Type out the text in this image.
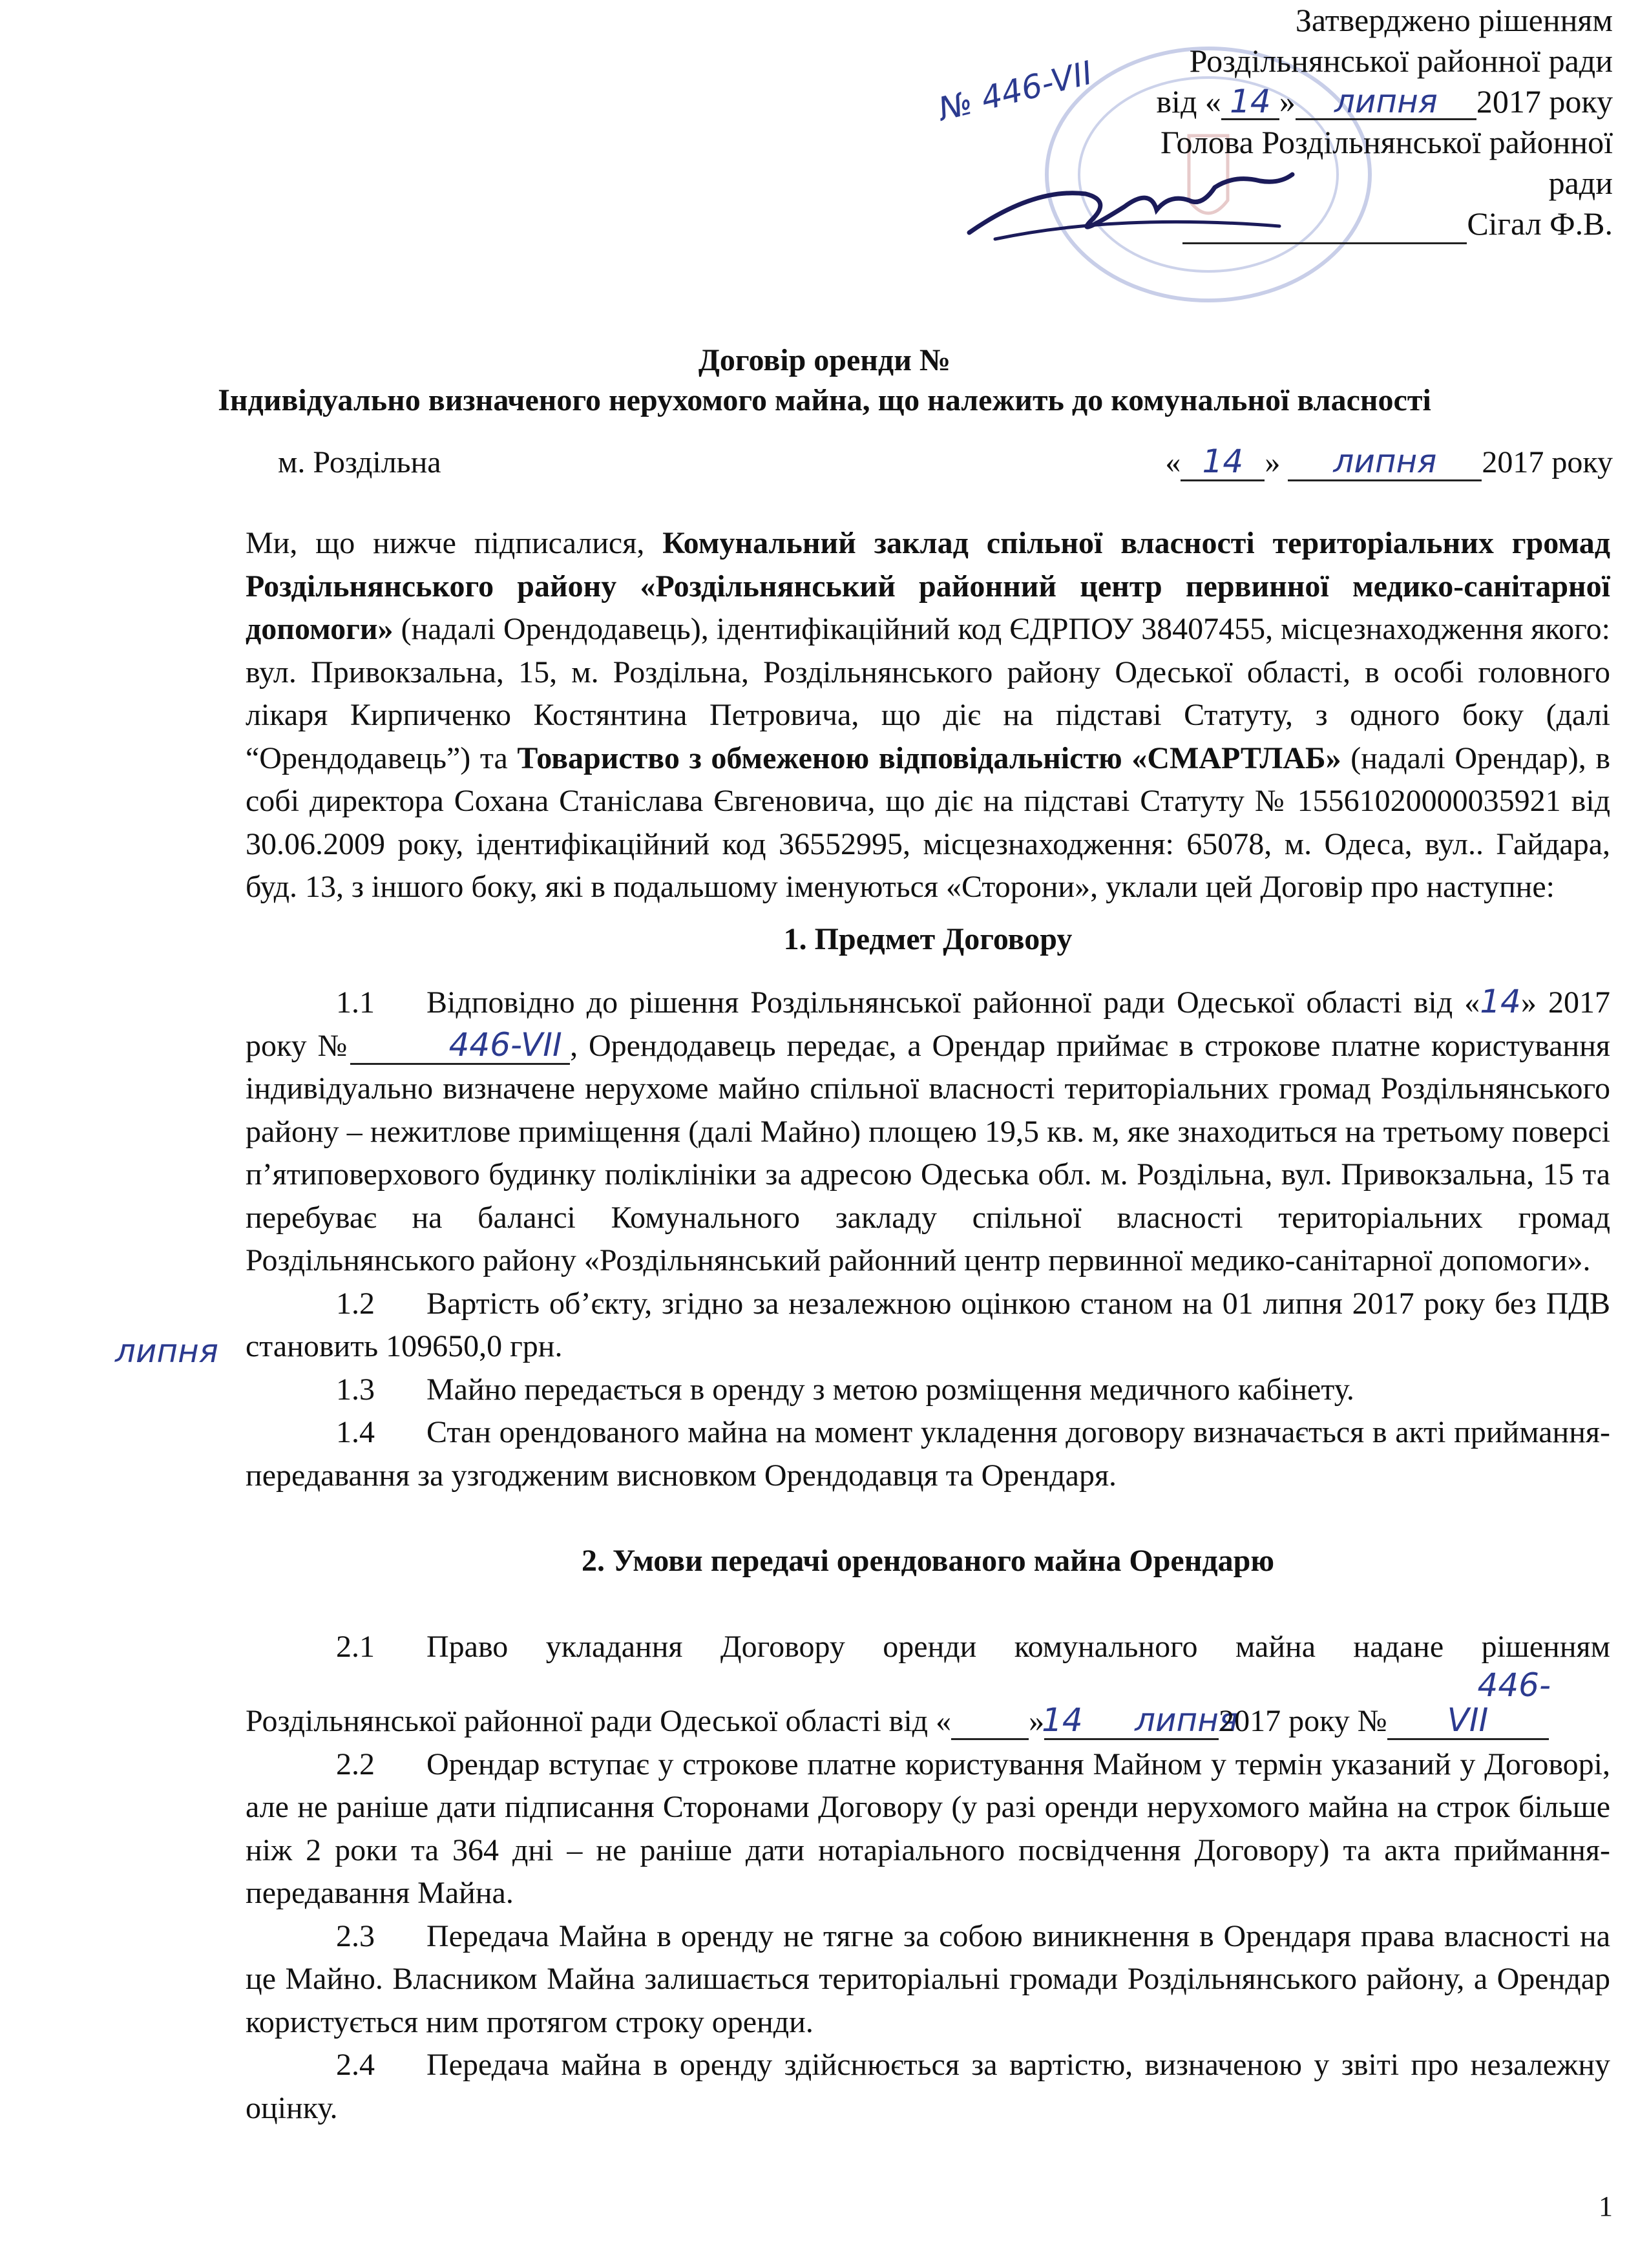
№ 446-VII
Затверджено рішенням
Роздільнянської районної ради
від « 14 » липня 2017 року
Голова Роздільнянської районної
ради
Сігал Ф.В.
Договір оренди №
Індивідуально визначеного нерухомого майна, що належить до комунальної власності
м. Роздільна	« 14 » липня 2017 року

Ми, що нижче підписалися, Комунальний заклад спільної власності територіальних громад Роздільнянського району «Роздільнянський районний центр первинної медико-санітарної допомоги» (надалі Орендодавець), ідентифікаційний код ЄДРПОУ 38407455, місцезнаходження якого: вул. Привокзальна, 15, м. Роздільна, Роздільнянського району Одеської області, в особі головного лікаря Кирпиченко Костянтина Петровича, що діє на підставі Статуту, з одного боку (далі “Орендодавець”) та Товариство з обмеженою відповідальністю «СМАРТЛАБ» (надалі Орендар), в собі директора Сохана Станіслава Євгеновича, що діє на підставі Статуту № 15561020000035921 від 30.06.2009 року, ідентифікаційний код 36552995, місцезнаходження: 65078, м. Одеса, вул.. Гайдара, буд. 13, з іншого боку, які в подальшому іменуються «Сторони», уклали цей Договір про наступне:

1. Предмет Договору

1.1 Відповідно до рішення Роздільнянської районної ради Одеської області від «14» 2017 року №	446-VII , Орендодавець передає, а Орендар приймає в строкове платне користування індивідуально визначене нерухоме майно спільної власності територіальних громад Роздільнянського району – нежитлове приміщення (далі Майно) площею 19,5 кв. м, яке знаходиться на третьому поверсі п’ятиповерхового будинку поліклініки за адресою Одеська обл. м. Роздільна, вул. Привокзальна, 15 та перебуває на балансі Комунального закладу спільної власності територіальних громад Роздільнянського району «Роздільнянський районний центр первинної медико-санітарної допомоги».

1.2 Вартість об’єкту, згідно за незалежною оцінкою станом на 01 липня 2017 року без ПДВ становить 109650,0 грн.

1.3 Майно передається в оренду з метою розміщення медичного кабінету.

1.4 Стан орендованого майна на момент укладення договору визначається в акті приймання-передавання за узгодженим висновком Орендодавця та Орендаря.

2. Умови передачі орендованого майна Орендарю

2.1 Право укладання Договору оренди комунального майна надане рішенням Роздільнянської районної ради Одеської області від «	14»	липня2017 року №446-VII

2.2 Орендар вступає у строкове платне користування Майном у термін указаний у Договорі, але не раніше дати підписання Сторонами Договору (у разі оренди нерухомого майна на строк більше ніж 2 роки та 364 дні – не раніше дати нотаріального посвідчення Договору) та акта приймання-передавання Майна.

2.3 Передача Майна в оренду не тягне за собою виникнення в Орендаря права власності на це Майно. Власником Майна залишається територіальні громади Роздільнянського району, а Орендар користується ним протягом строку оренди.

2.4 Передача майна в оренду здійснюється за вартістю, визначеною у звіті про незалежну оцінку.

липня
1
